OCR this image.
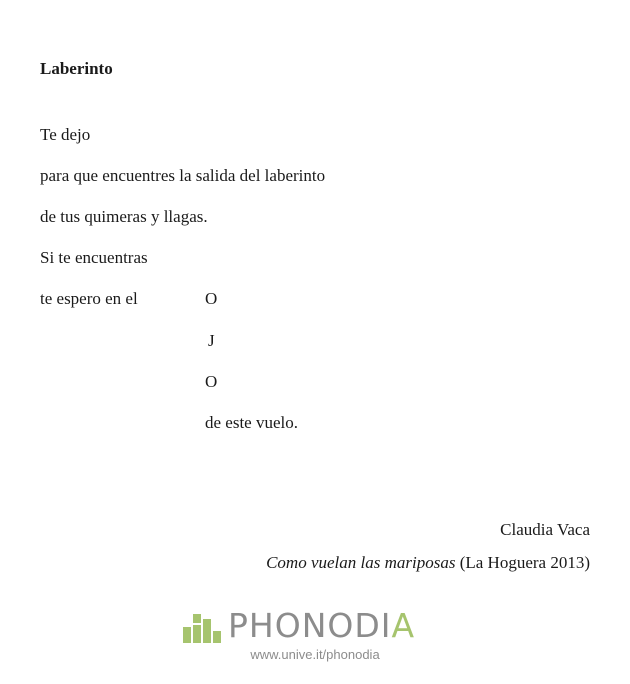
Laberinto

Te dejo

para que encuentres la salida del laberinto

de tus quimeras y llagas.

Si te encuentras

te espero en el	O

J

O

de este vuelo.

Claudia Vaca

Como vuelan las mariposas (La Hoguera 2013)

PHONODIA
www.unive.it/phonodia
